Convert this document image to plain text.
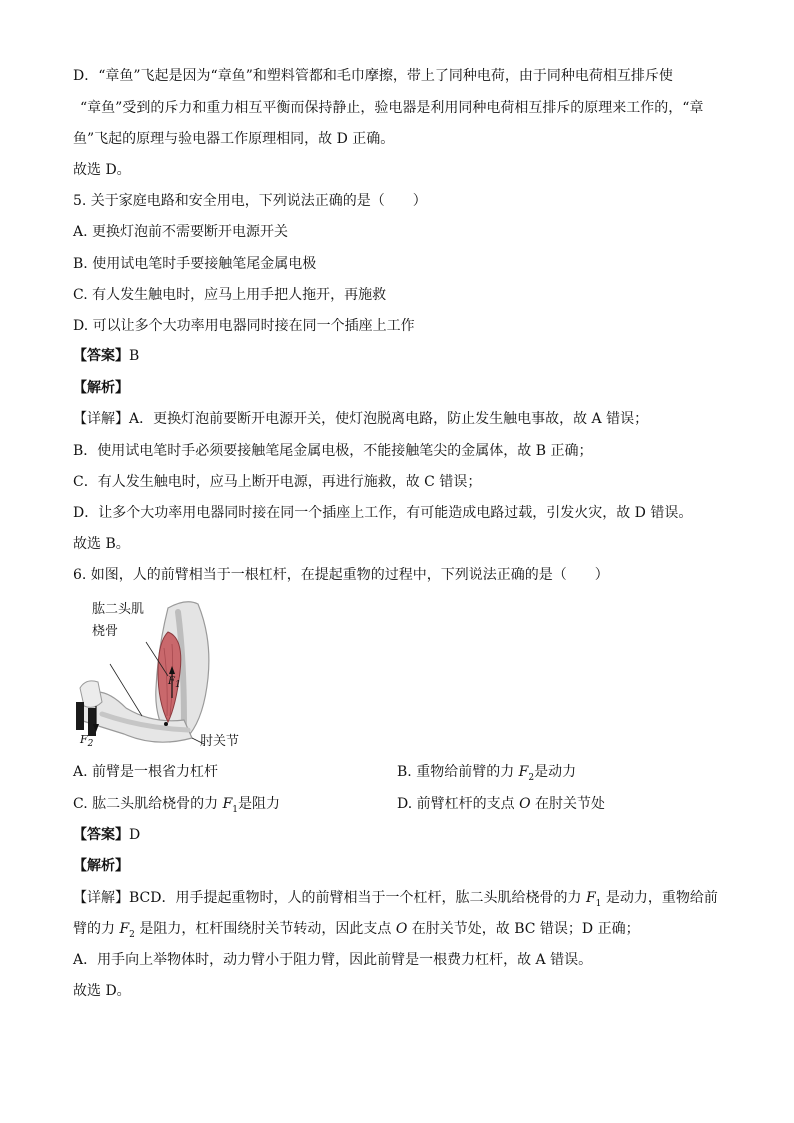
D．“章鱼”飞起是因为“章鱼”和塑料管都和毛巾摩擦，带上了同种电荷，由于同种电荷相互排斥使
“章鱼”受到的斥力和重力相互平衡而保持静止，验电器是利用同种电荷相互排斥的原理来工作的，“章
鱼”飞起的原理与验电器工作原理相同，故 D 正确。
故选 D。
5. 关于家庭电路和安全用电，下列说法正确的是（　　）
A. 更换灯泡前不需要断开电源开关
B. 使用试电笔时手要接触笔尾金属电极
C. 有人发生触电时，应马上用手把人拖开，再施救
D. 可以让多个大功率用电器同时接在同一个插座上工作
【答案】B
【解析】
【详解】A．更换灯泡前要断开电源开关，使灯泡脱离电路，防止发生触电事故，故 A 错误；
B．使用试电笔时手必须要接触笔尾金属电极，不能接触笔尖的金属体，故 B 正确；
C．有人发生触电时，应马上断开电源，再进行施救，故 C 错误；
D．让多个大功率用电器同时接在同一个插座上工作，有可能造成电路过载，引发火灾，故 D 错误。
故选 B。
6. 如图，人的前臂相当于一根杠杆，在提起重物的过程中，下列说法正确的是（　　）
肱二头肌
桡骨
肘关节
$F_1$
$F_2$
A. 前臂是一根省力杠杆	B. 重物给前臂的力 $F_2$是动力
C. 肱二头肌给桡骨的力 $F_1$是阻力	D. 前臂杠杆的支点 O 在肘关节处
【答案】D
【解析】
【详解】BCD．用手提起重物时，人的前臂相当于一个杠杆，肱二头肌给桡骨的力 $F_1$ 是动力，重物给前
臂的力 $F_2$ 是阻力，杠杆围绕肘关节转动，因此支点 O 在肘关节处，故 BC 错误；D 正确；
A．用手向上举物体时，动力臂小于阻力臂，因此前臂是一根费力杠杆，故 A 错误。
故选 D。
